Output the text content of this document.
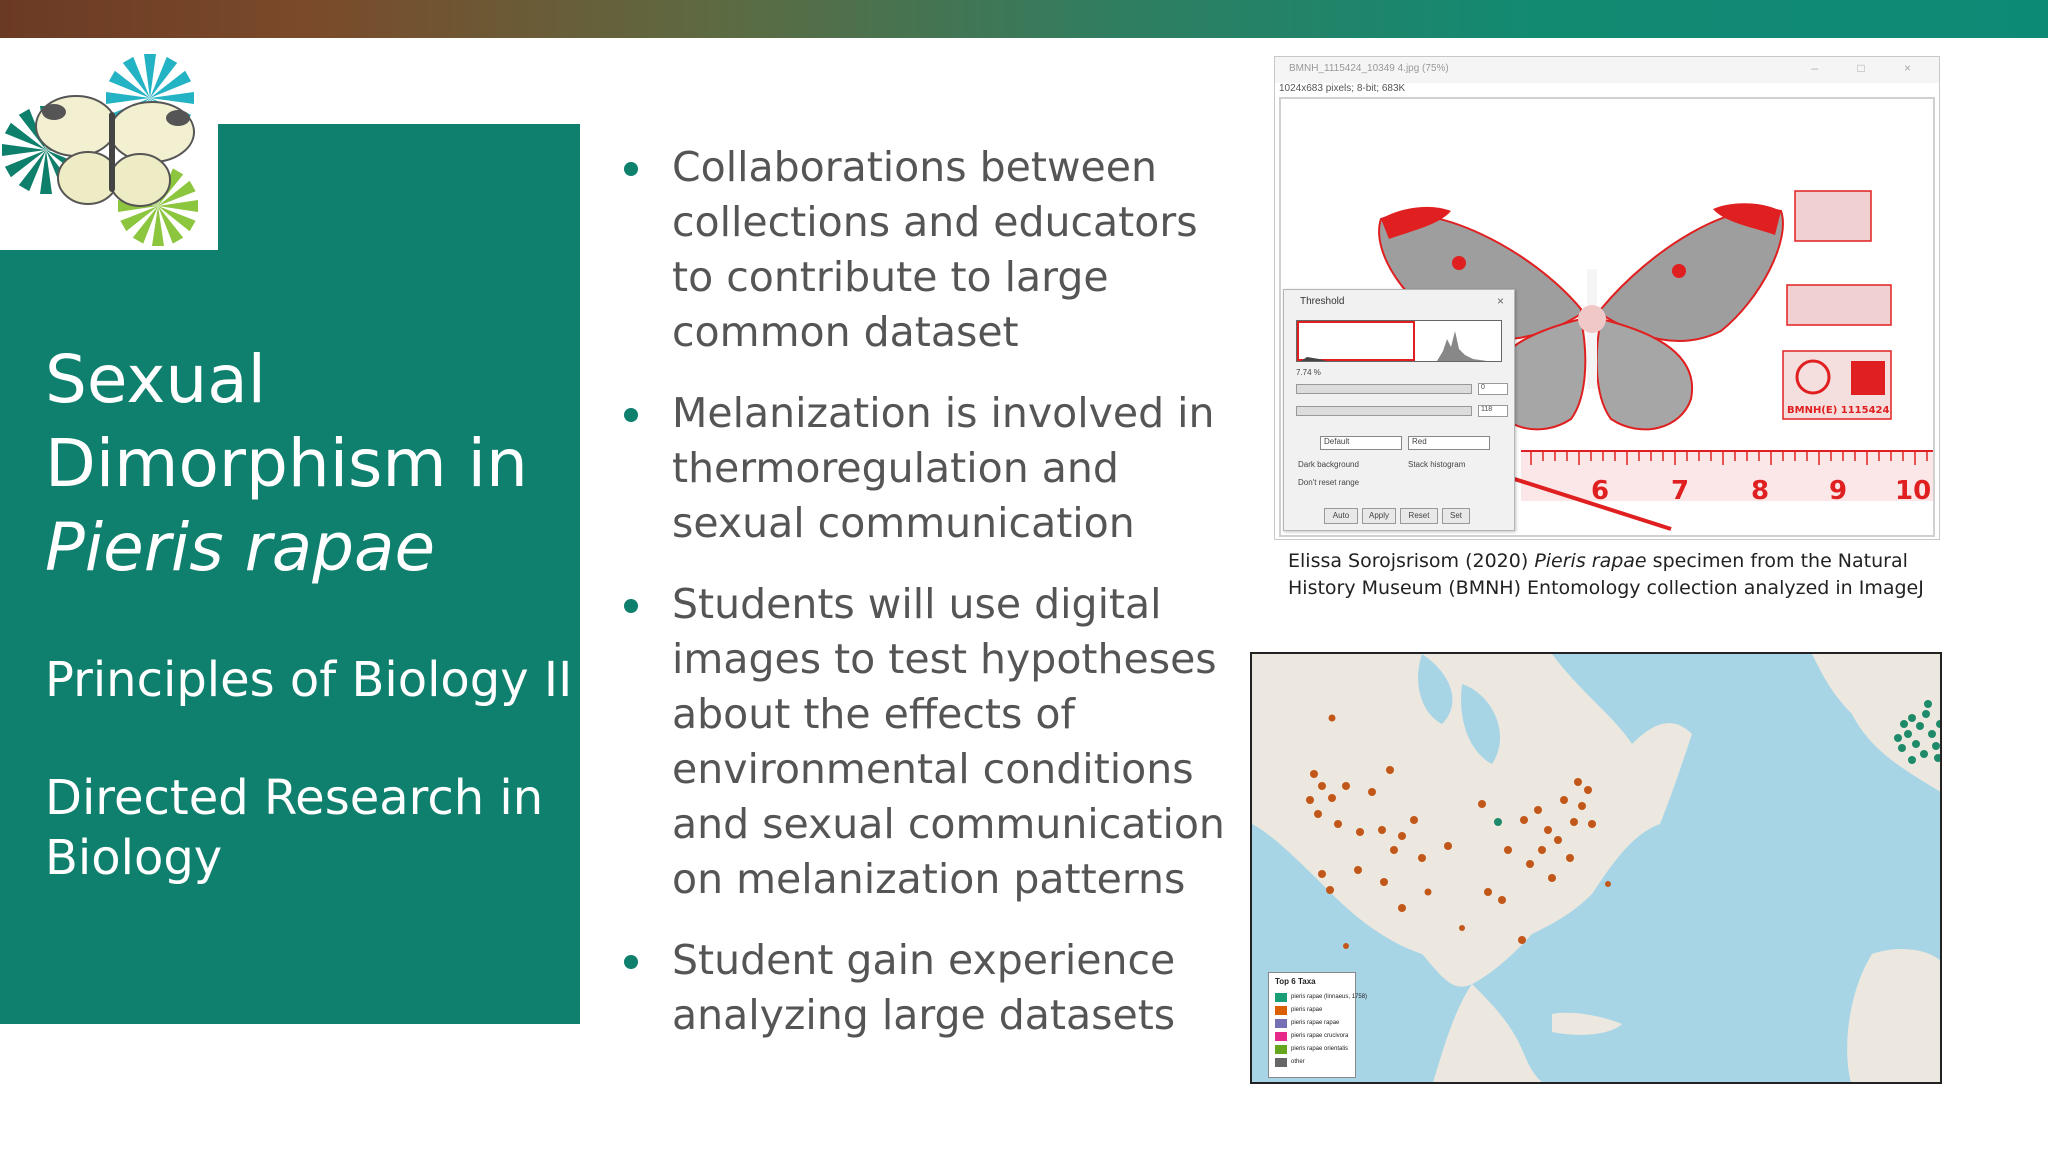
Sexual
Dimorphism in
Pieris rapae
Principles of Biology II
Directed Research in
Biology
Collaborations between collections and educators to contribute to large common dataset
Melanization is involved in thermoregulation and sexual communication
Students will use digital images to test hypotheses about the effects of environmental conditions and sexual communication on melanization patterns
Student gain experience analyzing large datasets
BMNH_1115424_10349 4.jpg (75%)	– □ ×
1024x683 pixels; 8-bit; 683K
BMNH(E) 1115424
6 7 8 9 10
Threshold	×
7.74 %
0
118
Default	Red
Dark background	Stack histogram
Don't reset range
Auto	Apply	Reset	Set
Elissa Sorojsrisom (2020) Pieris rapae specimen from the Natural History Museum (BMNH) Entomology collection analyzed in ImageJ
Top 6 Taxa
pieris rapae (linnaeus, 1758)
pieris rapae
pieris rapae rapae
pieris rapae crucivora
pieris rapae orientalis
other
